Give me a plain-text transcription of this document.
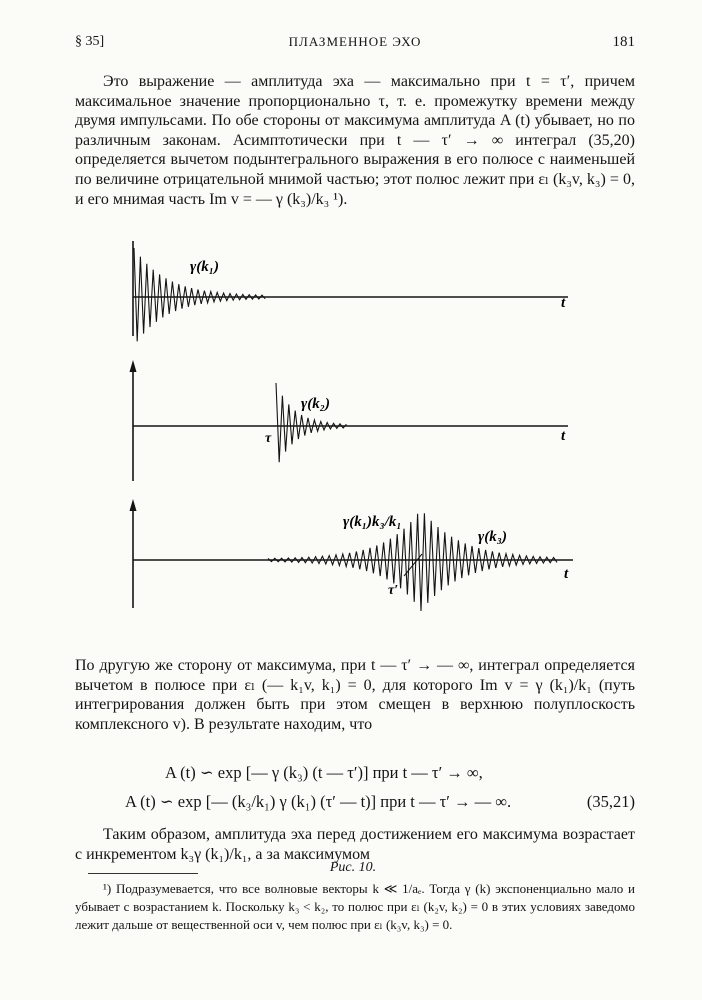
§ 35]	ПЛАЗМЕННОЕ ЭХО	181
Это выражение — амплитуда эха — максимально при t = τ′, причем максимальное значение пропорционально τ, т. е. промежутку времени между двумя импульсами. По обе стороны от максимума амплитуда A (t) убывает, но по различным законам. Асимптотически при t — τ′ → ∞ интеграл (35,20) определяется вычетом подынтегрального выражения в его полюсе с наименьшей по величине отрицательной мнимой частью; этот полюс лежит при εₗ (k₃v, k₃) = 0, и его мнимая часть Im v = — γ (k₃)/k₃ ¹).
γ(k₁)
t
γ(k₂)
τ	t
γ(k₁)k₃/k₁
γ(k₃)
τ′
t
Рис. 10.
По другую же сторону от максимума, при t — τ′ → — ∞, интеграл определяется вычетом в полюсе при εₗ (— k₁v, k₁) = 0, для которого Im v = γ (k₁)/k₁ (путь интегрирования должен быть при этом смещен в верхнюю полуплоскость комплексного v). В результате находим, что
A (t) ∽ exp [— γ (k₃) (t — τ′)] при t — τ′ → ∞,
A (t) ∽ exp [— (k₃/k₁) γ (k₁) (τ′ — t)] при t — τ′ → — ∞.	(35,21)
Таким образом, амплитуда эха перед достижением его максимума возрастает с инкрементом k₃γ (k₁)/k₁, а за максимумом
¹) Подразумевается, что все волновые векторы k ≪ 1/aₑ. Тогда γ (k) экспоненциально мало и убывает с возрастанием k. Поскольку k₃ < k₂, то полюс при εₗ (k₂v, k₂) = 0 в этих условиях заведомо лежит дальше от вещественной оси v, чем полюс при εₗ (k₃v, k₃) = 0.
